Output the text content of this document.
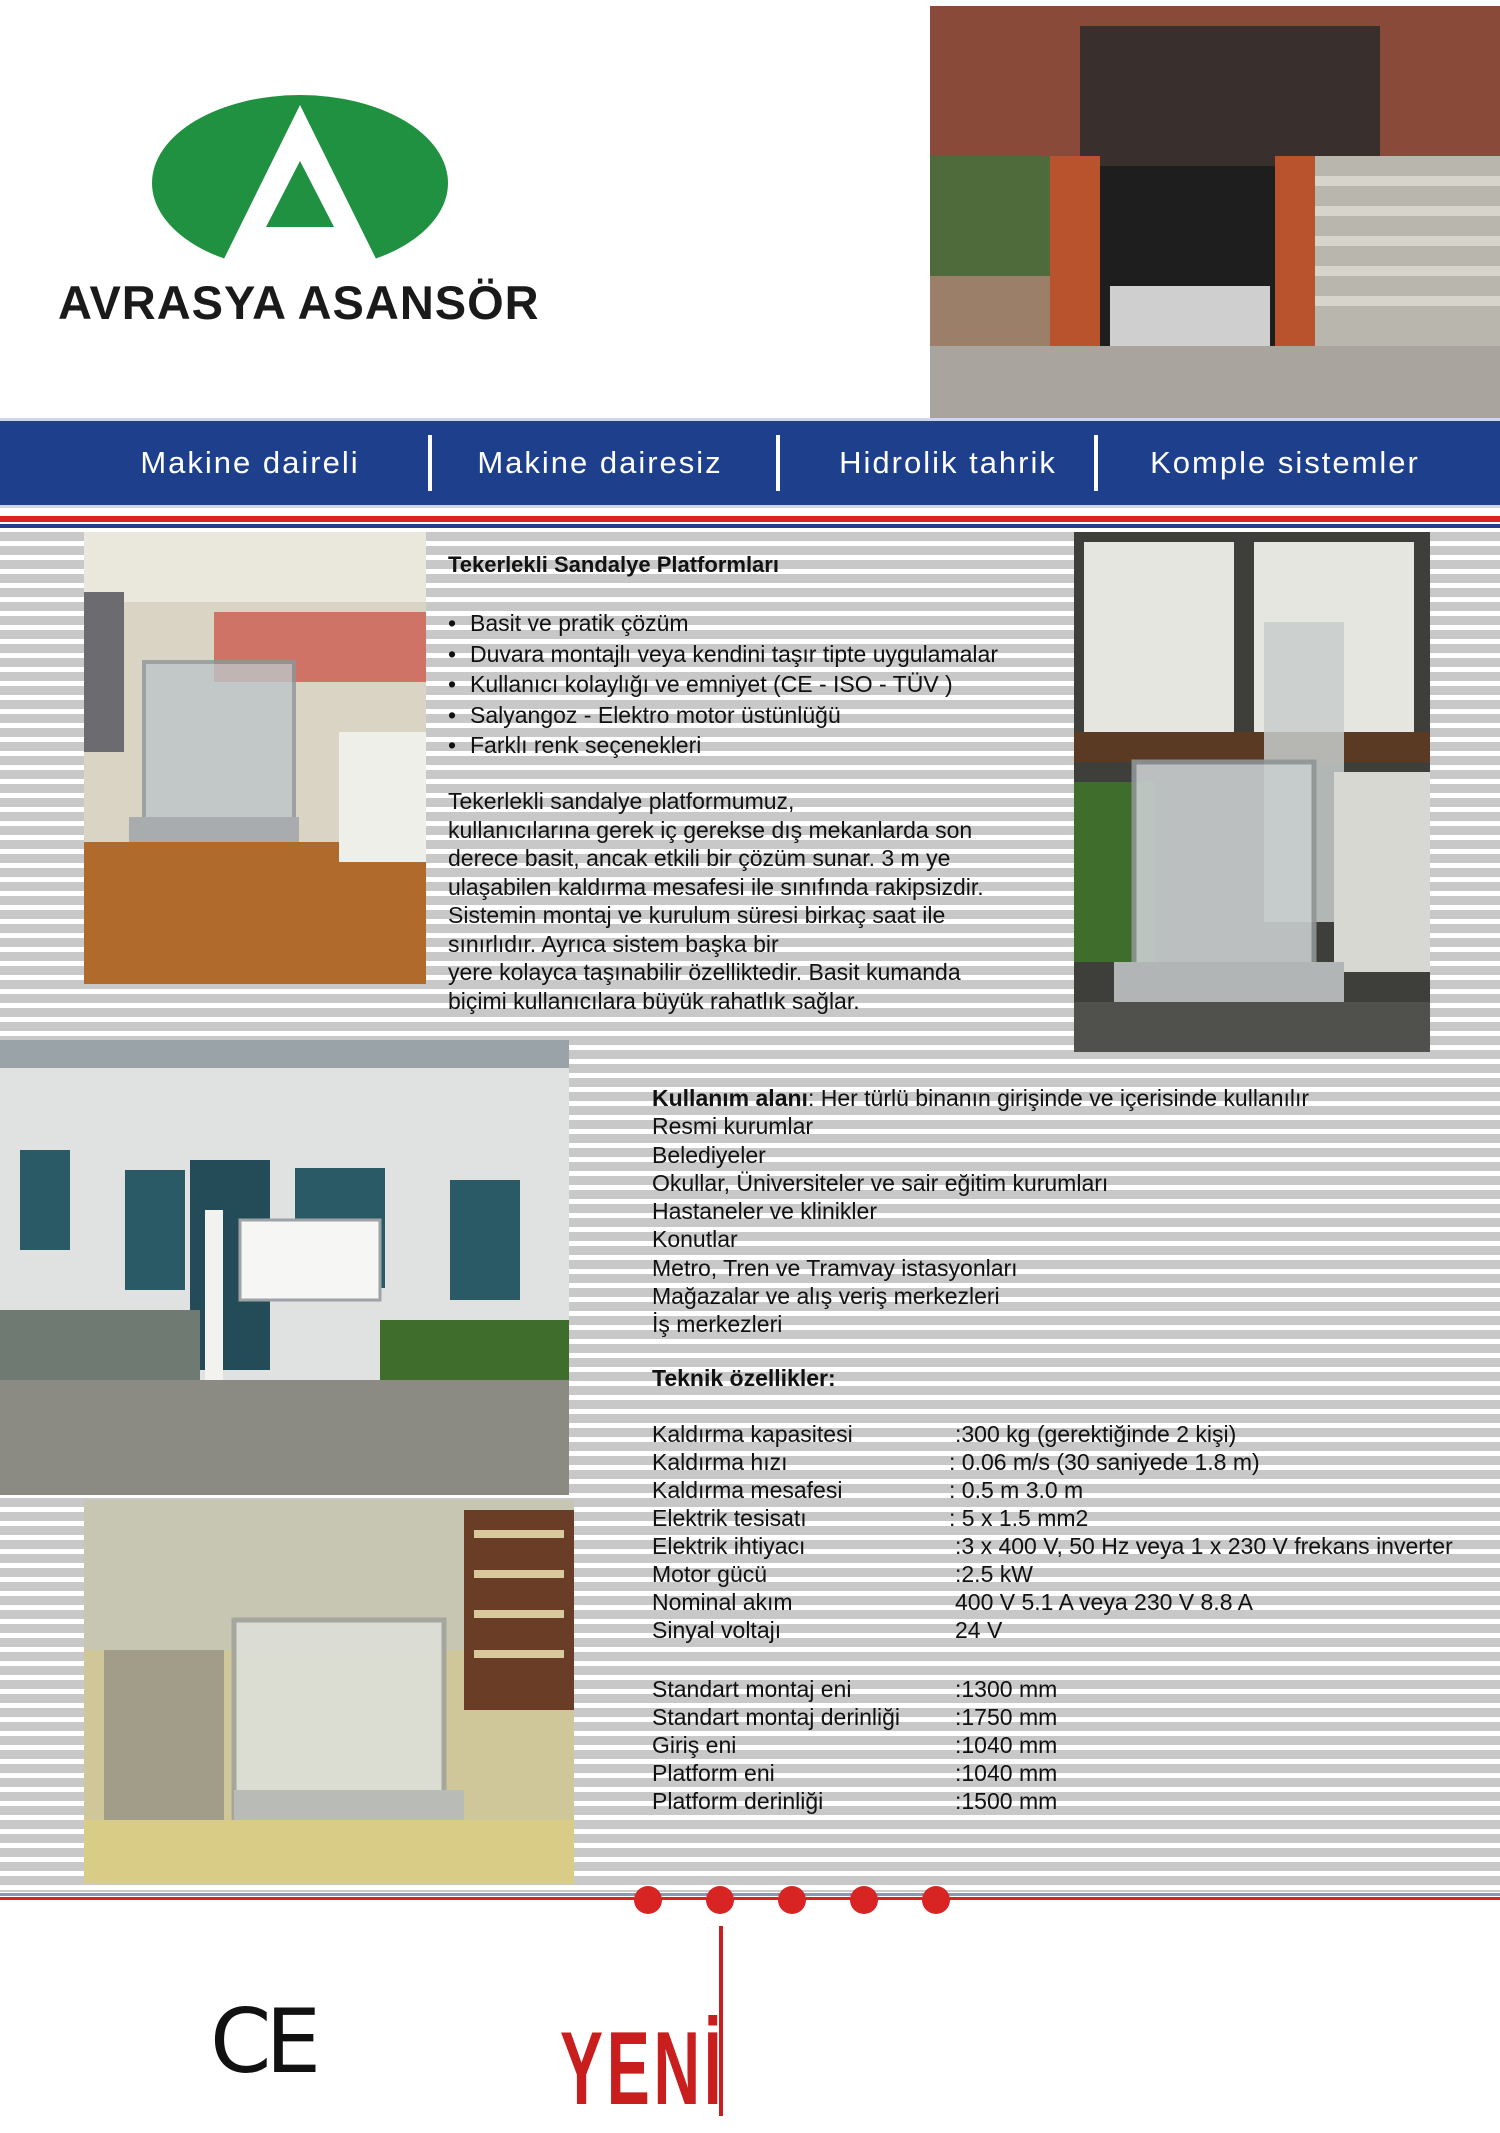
AVRASYA ASANSÖR
Makine daireli	Makine dairesiz	Hidrolik tahrik	Komple sistemler
Tekerlekli Sandalye Platformları
• Basit ve pratik çözüm
• Duvara montajlı veya kendini taşır tipte uygulamalar
• Kullanıcı kolaylığı ve emniyet (CE - ISO - TÜV )
• Salyangoz - Elektro motor üstünlüğü
• Farklı renk seçenekleri
Tekerlekli sandalye platformumuz,
kullanıcılarına gerek iç gerekse dış mekanlarda son
derece basit, ancak etkili bir çözüm sunar. 3 m ye
ulaşabilen kaldırma mesafesi ile sınıfında rakipsizdir.
Sistemin montaj ve kurulum süresi birkaç saat ile
sınırlıdır. Ayrıca sistem başka bir
yere kolayca taşınabilir özelliktedir. Basit kumanda
biçimi kullanıcılara büyük rahatlık sağlar.
Kullanım alanı: Her türlü binanın girişinde ve içerisinde kullanılır
Resmi kurumlar
Belediyeler
Okullar, Üniversiteler ve sair eğitim kurumları
Hastaneler ve klinikler
Konutlar
Metro, Tren ve Tramvay istasyonları
Mağazalar ve alış veriş merkezleri
İş merkezleri
Teknik özellikler:
Kaldırma kapasitesi	:300 kg (gerektiğinde 2 kişi)
Kaldırma hızı	: 0.06 m/s (30 saniyede 1.8 m)
Kaldırma mesafesi	: 0.5 m 3.0 m
Elektrik tesisatı	: 5 x 1.5 mm2
Elektrik ihtiyacı	:3 x 400 V, 50 Hz veya 1 x 230 V frekans inverter
Motor gücü	:2.5 kW
Nominal akım	400 V 5.1 A veya 230 V 8.8 A
Sinyal voltajı	24 V
Standart montaj eni	:1300 mm
Standart montaj derinliği :1750 mm
Giriş eni	:1040 mm
Platform eni	:1040 mm
Platform derinliği	:1500 mm
CE YENİ
